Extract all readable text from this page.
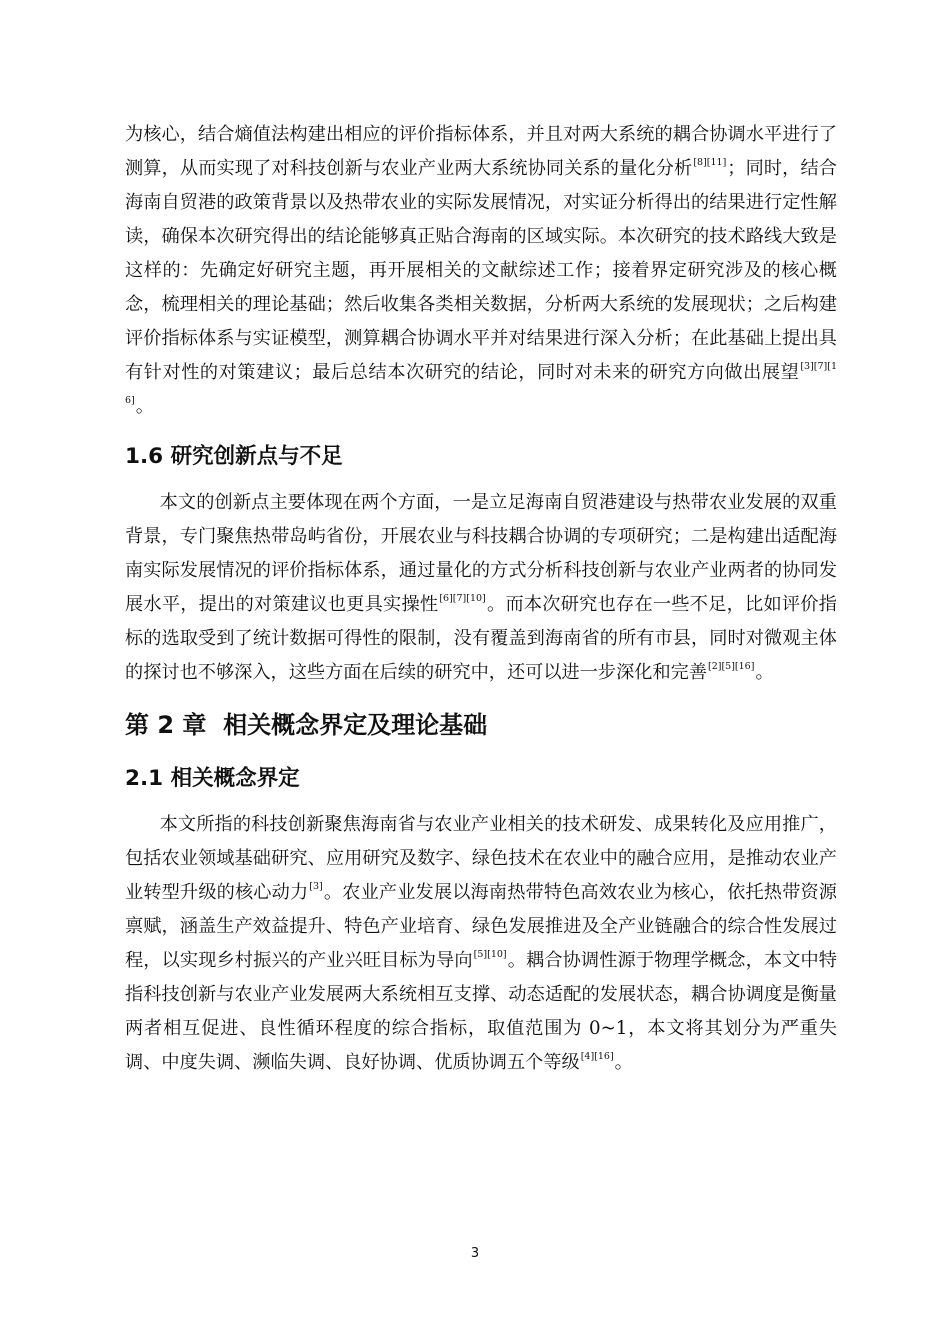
为核心，结合熵值法构建出相应的评价指标体系，并且对两大系统的耦合协调水平进行了测算，从而实现了对科技创新与农业产业两大系统协同关系的量化分析[8][11]；同时，结合海南自贸港的政策背景以及热带农业的实际发展情况，对实证分析得出的结果进行定性解读，确保本次研究得出的结论能够真正贴合海南的区域实际。本次研究的技术路线大致是这样的：先确定好研究主题，再开展相关的文献综述工作；接着界定研究涉及的核心概念，梳理相关的理论基础；然后收集各类相关数据，分析两大系统的发展现状；之后构建评价指标体系与实证模型，测算耦合协调水平并对结果进行深入分析；在此基础上提出具有针对性的对策建议；最后总结本次研究的结论，同时对未来的研究方向做出展望[3][7][16]。

1.6 研究创新点与不足

本文的创新点主要体现在两个方面，一是立足海南自贸港建设与热带农业发展的双重背景，专门聚焦热带岛屿省份，开展农业与科技耦合协调的专项研究；二是构建出适配海南实际发展情况的评价指标体系，通过量化的方式分析科技创新与农业产业两者的协同发展水平，提出的对策建议也更具实操性[6][7][10]。而本次研究也存在一些不足，比如评价指标的选取受到了统计数据可得性的限制，没有覆盖到海南省的所有市县，同时对微观主体的探讨也不够深入，这些方面在后续的研究中，还可以进一步深化和完善[2][5][16]。

第 2 章 相关概念界定及理论基础
2.1 相关概念界定

本文所指的科技创新聚焦海南省与农业产业相关的技术研发、成果转化及应用推广，包括农业领域基础研究、应用研究及数字、绿色技术在农业中的融合应用，是推动农业产业转型升级的核心动力[3]。农业产业发展以海南热带特色高效农业为核心，依托热带资源禀赋，涵盖生产效益提升、特色产业培育、绿色发展推进及全产业链融合的综合性发展过程，以实现乡村振兴的产业兴旺目标为导向[5][10]。耦合协调性源于物理学概念，本文中特指科技创新与农业产业发展两大系统相互支撑、动态适配的发展状态，耦合协调度是衡量两者相互促进、良性循环程度的综合指标，取值范围为 0~1，本文将其划分为严重失调、中度失调、濒临失调、良好协调、优质协调五个等级[4][16]。

3
